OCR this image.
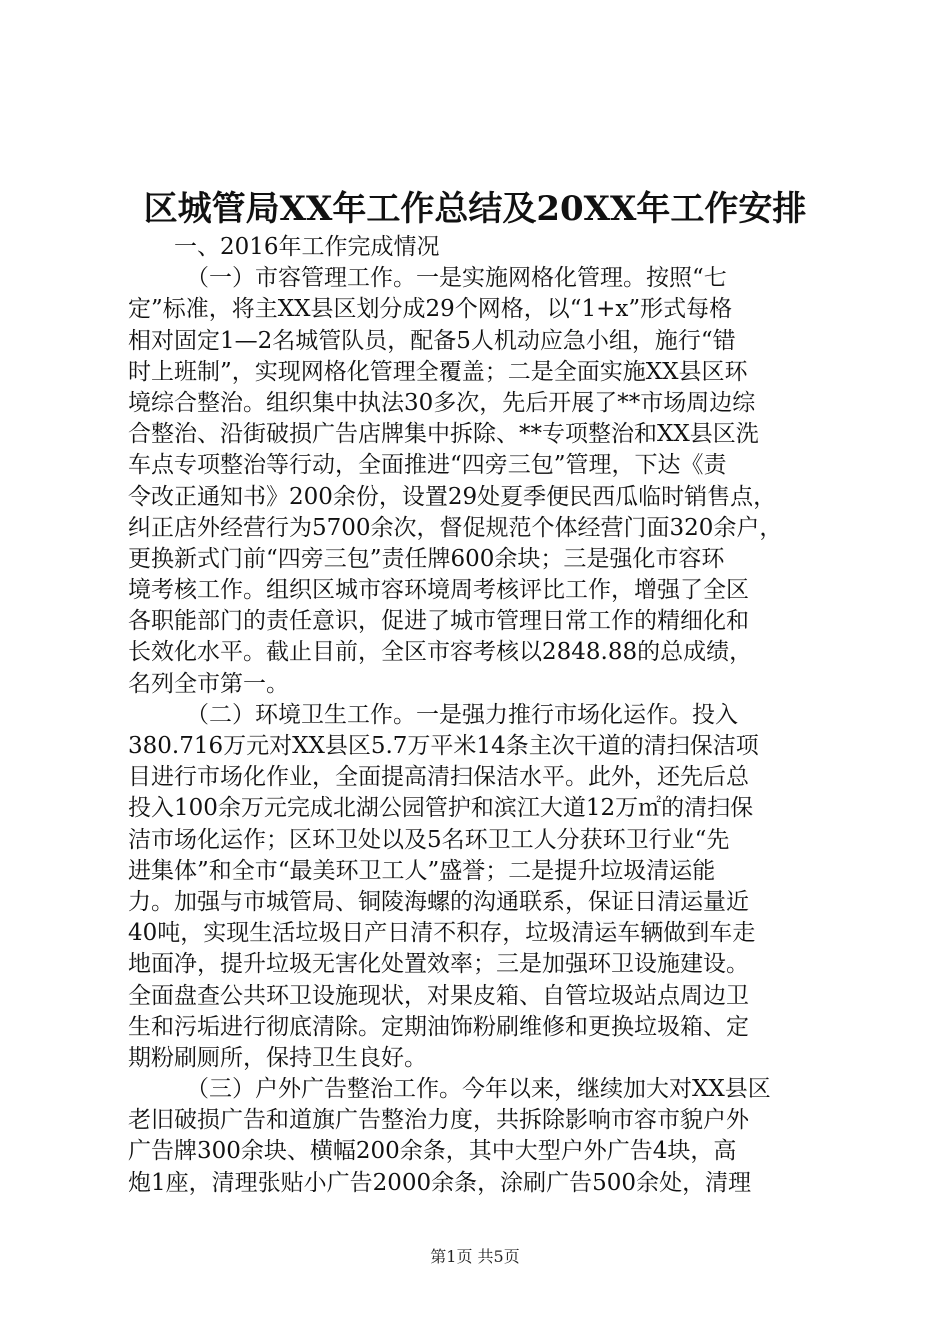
区城管局XX年工作总结及20XX年工作安排
一、2016年工作完成情况
（一）市容管理工作。一是实施网格化管理。按照“七
定”标准，将主XX县区划分成29个网格，以“1+x”形式每格
相对固定1—2名城管队员，配备5人机动应急小组，施行“错
时上班制”，实现网格化管理全覆盖；二是全面实施XX县区环
境综合整治。组织集中执法30多次，先后开展了**市场周边综
合整治、沿街破损广告店牌集中拆除、**专项整治和XX县区洗
车点专项整治等行动，全面推进“四旁三包”管理，下达《责
令改正通知书》200余份，设置29处夏季便民西瓜临时销售点，
纠正店外经营行为5700余次，督促规范个体经营门面320余户，
更换新式门前“四旁三包”责任牌600余块；三是强化市容环
境考核工作。组织区城市容环境周考核评比工作，增强了全区
各职能部门的责任意识，促进了城市管理日常工作的精细化和
长效化水平。截止目前，全区市容考核以2848.88的总成绩，
名列全市第一。
（二）环境卫生工作。一是强力推行市场化运作。投入
380.716万元对XX县区5.7万平米14条主次干道的清扫保洁项
目进行市场化作业，全面提高清扫保洁水平。此外，还先后总
投入100余万元完成北湖公园管护和滨江大道12万㎡的清扫保
洁市场化运作；区环卫处以及5名环卫工人分获环卫行业“先
进集体”和全市“最美环卫工人”盛誉；二是提升垃圾清运能
力。加强与市城管局、铜陵海螺的沟通联系，保证日清运量近
40吨，实现生活垃圾日产日清不积存，垃圾清运车辆做到车走
地面净，提升垃圾无害化处置效率；三是加强环卫设施建设。
全面盘查公共环卫设施现状，对果皮箱、自管垃圾站点周边卫
生和污垢进行彻底清除。定期油饰粉刷维修和更换垃圾箱、定
期粉刷厕所，保持卫生良好。
（三）户外广告整治工作。今年以来，继续加大对XX县区
老旧破损广告和道旗广告整治力度，共拆除影响市容市貌户外
广告牌300余块、横幅200余条，其中大型户外广告4块，高
炮1座，清理张贴小广告2000余条，涂刷广告500余处，清理
第1页 共5页
